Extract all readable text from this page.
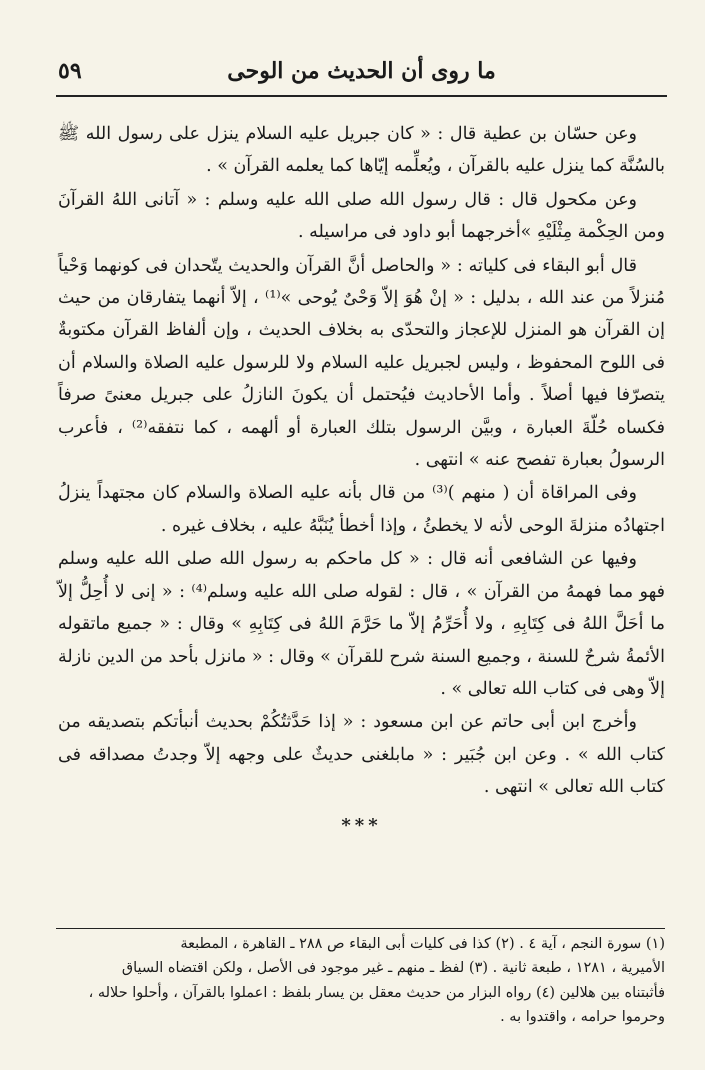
ما روى أن الحديث من الوحى
٥٩

وعن حسّان بن عطية قال : « كان جبريل عليه السلام ينزل على رسول الله ﷺ بالسُنَّة كما ينزل عليه بالقرآن ، ويُعلِّمه إيّاها كما يعلمه القرآن » .

وعن مكحول قال : قال رسول الله صلى الله عليه وسلم : « آتانى اللهُ القرآنَ ومن الحِكْمة مِثْلَيْهِ »أخرجهما أبو داود فى مراسيله .

قال أبو البقاء فى كلياته : « والحاصل أنَّ القرآن والحديث يتّحدان فى كونهما وَحْياً مُنزلاً من عند الله ، بدليل : « إنْ هُوَ إلاّ وَحْىٌ يُوحى »⁽¹⁾ ، إلاّ أنهما يتفارقان من حيث إن القرآن هو المنزل للإعجاز والتحدّى به بخلاف الحديث ، وإن ألفاظ القرآن مكتوبةٌ فى اللوح المحفوظ ، وليس لجبريل عليه السلام ولا للرسول عليه الصلاة والسلام أن يتصرّفا فيها أصلاً . وأما الأحاديث فيُحتمل أن يكونَ النازلُ على جبريل معنىً صرفاً فكساه حُلّةَ العبارة ، وبيَّن الرسول بتلك العبارة أو ألهمه ، كما نتفقه⁽²⁾ ، فأعرب الرسولُ بعبارة تفصح عنه » انتهى .

وفى المراقاة أن ( منهم )⁽³⁾ من قال بأنه عليه الصلاة والسلام كان مجتهداً ينزلُ اجتهادُه منزلةَ الوحى لأنه لا يخطئُ ، وإذا أخطأ يُنَبَّهُ عليه ، بخلاف غيره .

وفيها عن الشافعى أنه قال : « كل ماحكم به رسول الله صلى الله عليه وسلم فهو مما فهمهُ من القرآن » ، قال : لقوله صلى الله عليه وسلم⁽⁴⁾ : « إنى لا أُحِلُّ إلاّ ما أحَلَّ اللهُ فى كِتَابِهِ ، ولا أُحَرِّمُ إلاّ ما حَرَّمَ اللهُ فى كِتَابِهِ » وقال : « جميع ماتقوله الأئمةُ شرحٌ للسنة ، وجميع السنة شرح للقرآن » وقال : « مانزل بأحد من الدين نازلة إلاّ وهى فى كتاب الله تعالى » .

وأخرج ابن أبى حاتم عن ابن مسعود : « إذا حَدَّثتُكُمْ بحديث أنبأتكم بتصديقه من كتاب الله » . وعن ابن جُبَير : « مابلغنى حديثٌ على وجهه إلاّ وجدتُ مصداقه فى كتاب الله تعالى » انتهى .

***

(١) سورة النجم ، آية ٤ . (٢) كذا فى كليات أبى البقاء ص ٢٨٨ ـ القاهرة ، المطبعة

الأميرية ، ١٢٨١ ، طبعة ثانية . (٣) لفظ ـ منهم ـ غير موجود فى الأصل ، ولكن اقتضاه السياق

فأثبتناه بين هلالين (٤) رواه البزار من حديث معقل بن يسار بلفظ : اعملوا بالقرآن ، وأحلوا حلاله ،

وحرموا حرامه ، واقتدوا به .
